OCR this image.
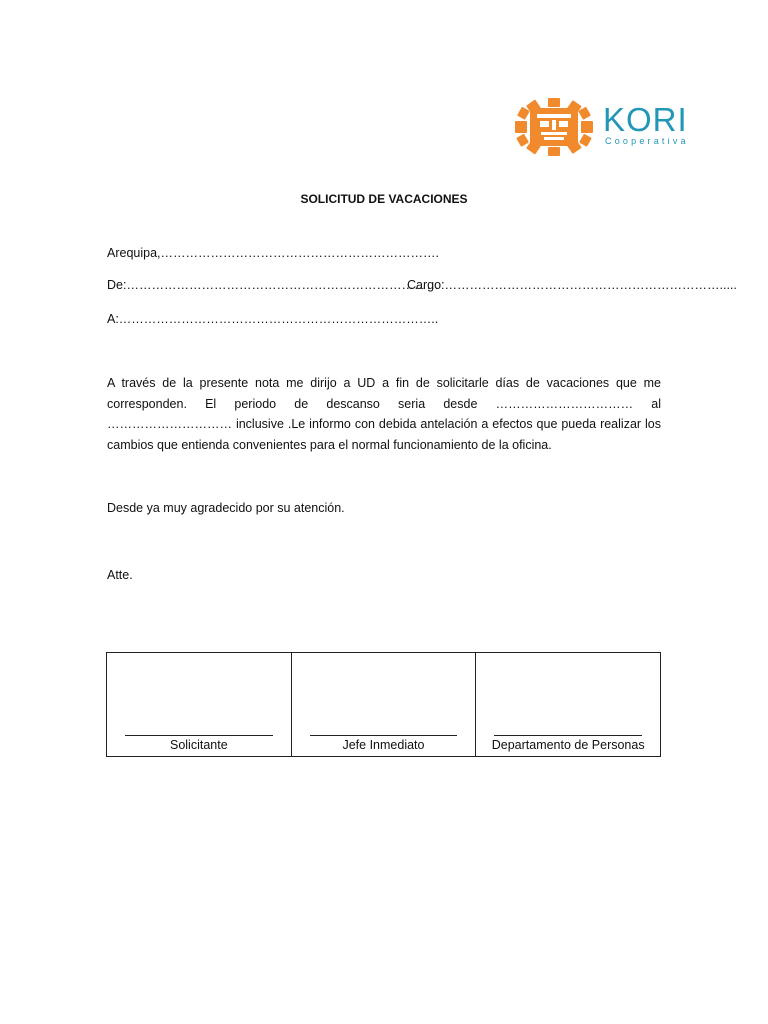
KORI
Cooperativa
SOLICITUD DE VACACIONES
Arequipa,………………………………………………………….
De:…………………………………………………………………
Cargo:………………………………………………………….....
A:…………………………………………………………………..

A través de la presente nota me dirijo a UD a fin de solicitarle días de vacaciones que me corresponden. El periodo de descanso seria desde …………………………… al ………………………… inclusive .Le informo con debida antelación a efectos que pueda realizar los cambios que entienda convenientes para el normal funcionamiento de la oficina.

Desde ya muy agradecido por su atención.
Atte.
Solicitante	Jefe Inmediato	Departamento de Personas
